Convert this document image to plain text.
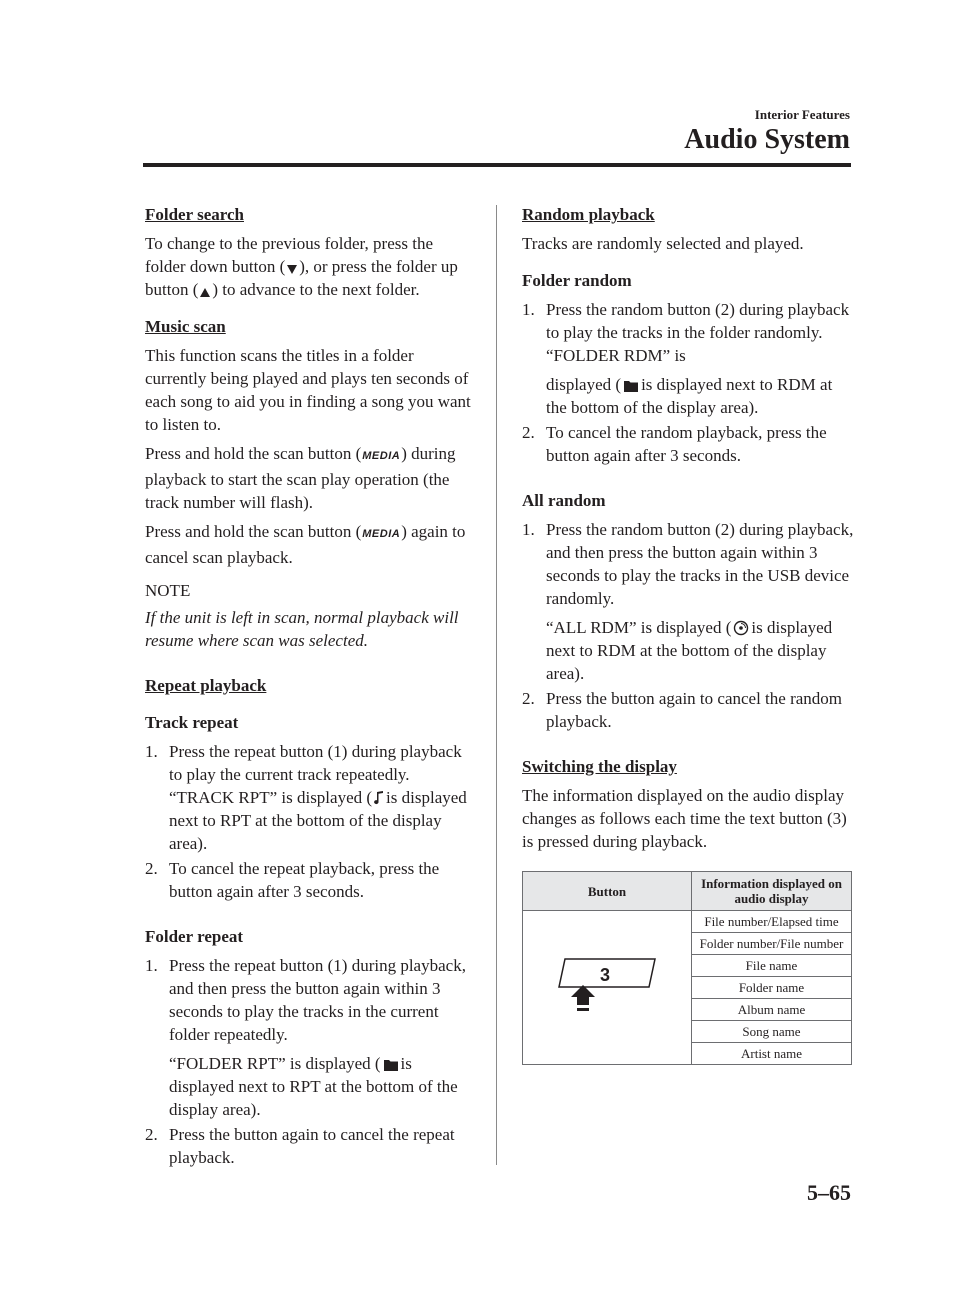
Interior Features
Audio System
Folder search

To change to the previous folder, press the folder down button ( ), or press the folder up button ( ) to advance to the next folder.

Music scan

This function scans the titles in a folder currently being played and plays ten seconds of each song to aid you in finding a song you want to listen to.

Press and hold the scan button (MEDIA) during playback to start the scan play operation (the track number will flash).

Press and hold the scan button (MEDIA) again to cancel scan playback.

NOTE

If the unit is left in scan, normal playback will resume where scan was selected.

Repeat playback
Track repeat
1. Press the repeat button (1) during playback to play the current track repeatedly. “TRACK RPT” is displayed ( is displayed next to RPT at the bottom of the display area).
2. To cancel the repeat playback, press the button again after 3 seconds.
Folder repeat
1. Press the repeat button (1) during playback, and then press the button again within 3 seconds to play the tracks in the current folder repeatedly.
“FOLDER RPT” is displayed ( is displayed next to RPT at the bottom of the display area).
2. Press the button again to cancel the repeat playback.
Random playback

Tracks are randomly selected and played.

Folder random
1. Press the random button (2) during playback to play the tracks in the folder randomly. “FOLDER RDM” is
displayed ( is displayed next to RDM at the bottom of the display area).
2. To cancel the random playback, press the button again after 3 seconds.
All random
1. Press the random button (2) during playback, and then press the button again within 3 seconds to play the tracks in the USB device randomly.
“ALL RDM” is displayed ( is displayed next to RDM at the bottom of the display area).
2. Press the button again to cancel the random playback.
Switching the display

The information displayed on the audio display changes as follows each time the text button (3) is pressed during playback.

Button	Information displayed on audio display

3	File number/Elapsed time
	Folder number/File number
	File name
	Folder name
	Album name
	Song name
	Artist name
5–65
